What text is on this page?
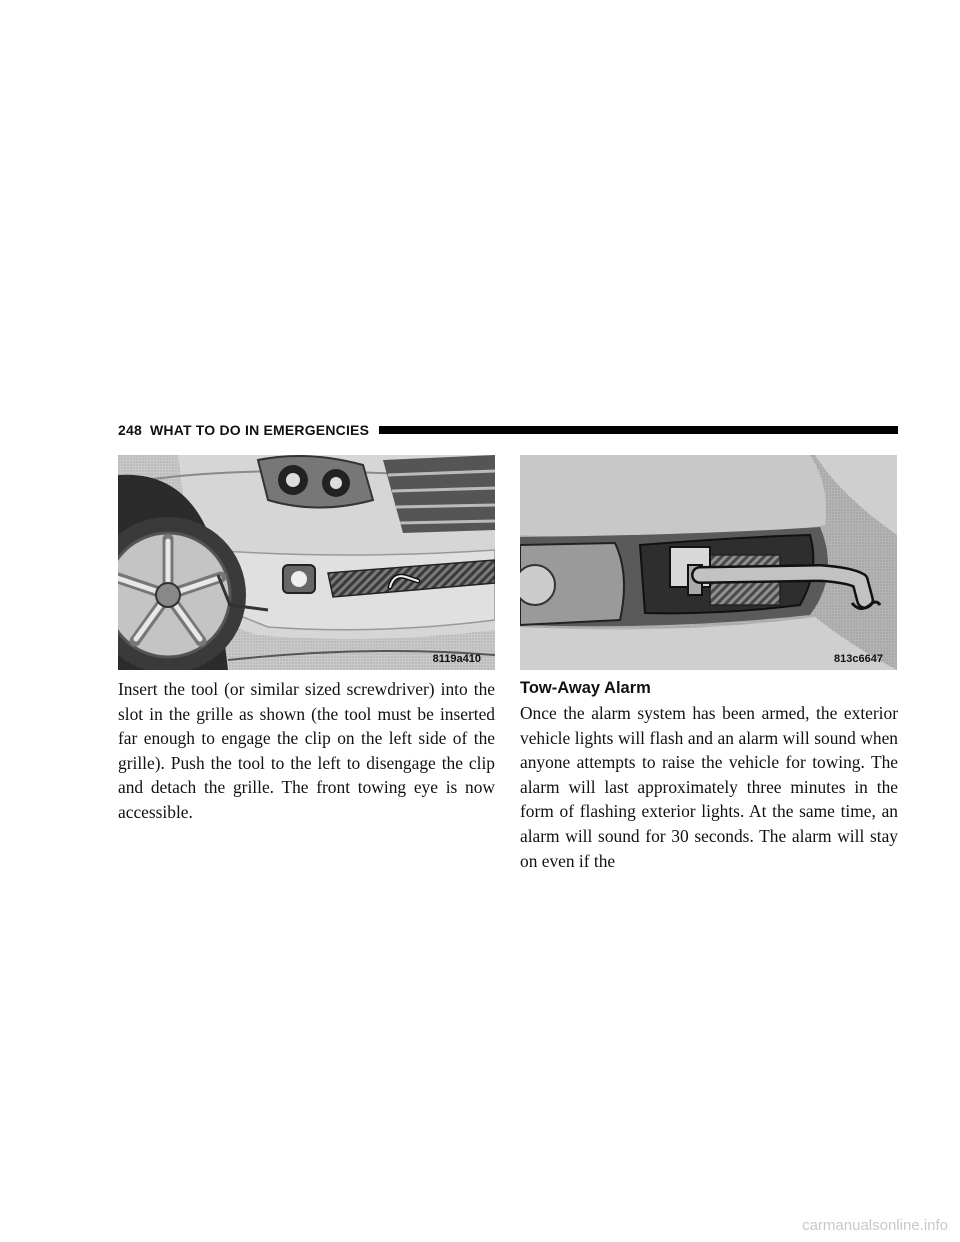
248 WHAT TO DO IN EMERGENCIES
8119a410	813c6647

Insert the tool (or similar sized screwdriver) into the slot in the grille as shown (the tool must be inserted far enough to engage the clip on the left side of the grille). Push the tool to the left to disengage the clip and detach the grille. The front towing eye is now accessible.

Tow-Away Alarm

Once the alarm system has been armed, the exterior vehicle lights will flash and an alarm will sound when anyone attempts to raise the vehicle for towing. The alarm will last approximately three minutes in the form of flashing exterior lights. At the same time, an alarm will sound for 30 seconds. The alarm will stay on even if the

carmanualsonline.info
